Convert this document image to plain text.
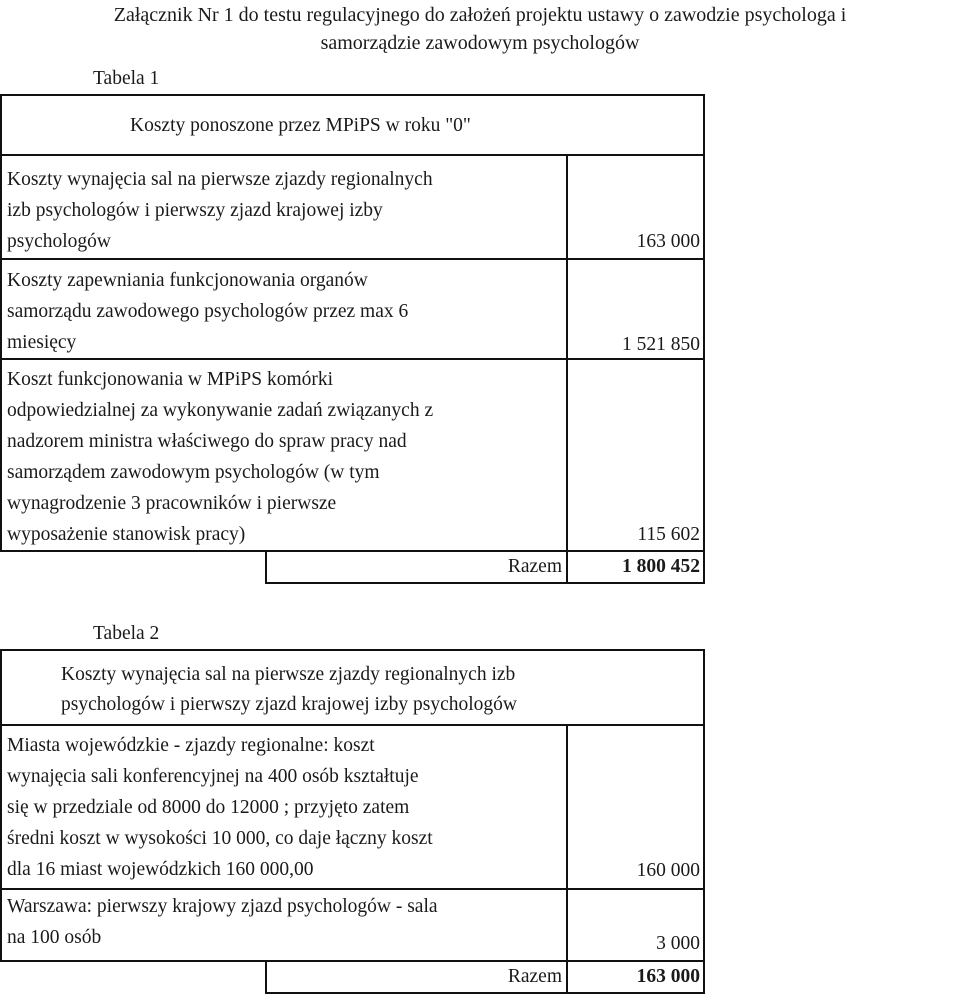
Załącznik Nr 1 do testu regulacyjnego do założeń projektu ustawy o zawodzie psychologa i
samorządzie zawodowym psychologów
Tabela 1
Koszty ponoszone przez MPiPS w roku "0"
Koszty wynajęcia sal na pierwsze zjazdy regionalnych
izb psychologów i pierwszy zjazd krajowej izby
psychologów	163 000
Koszty zapewniania funkcjonowania organów
samorządu zawodowego psychologów przez max 6
miesięcy	1 521 850
Koszt funkcjonowania w MPiPS komórki
odpowiedzialnej za wykonywanie zadań związanych z
nadzorem ministra właściwego do spraw pracy nad
samorządem zawodowym psychologów (w tym
wynagrodzenie 3 pracowników i pierwsze
wyposażenie stanowisk pracy)	115 602
Razem	1 800 452
Tabela 2
Koszty wynajęcia sal na pierwsze zjazdy regionalnych izb
psychologów i pierwszy zjazd krajowej izby psychologów
Miasta wojewódzkie - zjazdy regionalne: koszt
wynajęcia sali konferencyjnej na 400 osób kształtuje
się w przedziale od 8000 do 12000 ; przyjęto zatem
średni koszt w wysokości 10 000, co daje łączny koszt
dla 16 miast wojewódzkich 160 000,00	160 000
Warszawa: pierwszy krajowy zjazd psychologów - sala
na 100 osób	3 000
Razem	163 000
